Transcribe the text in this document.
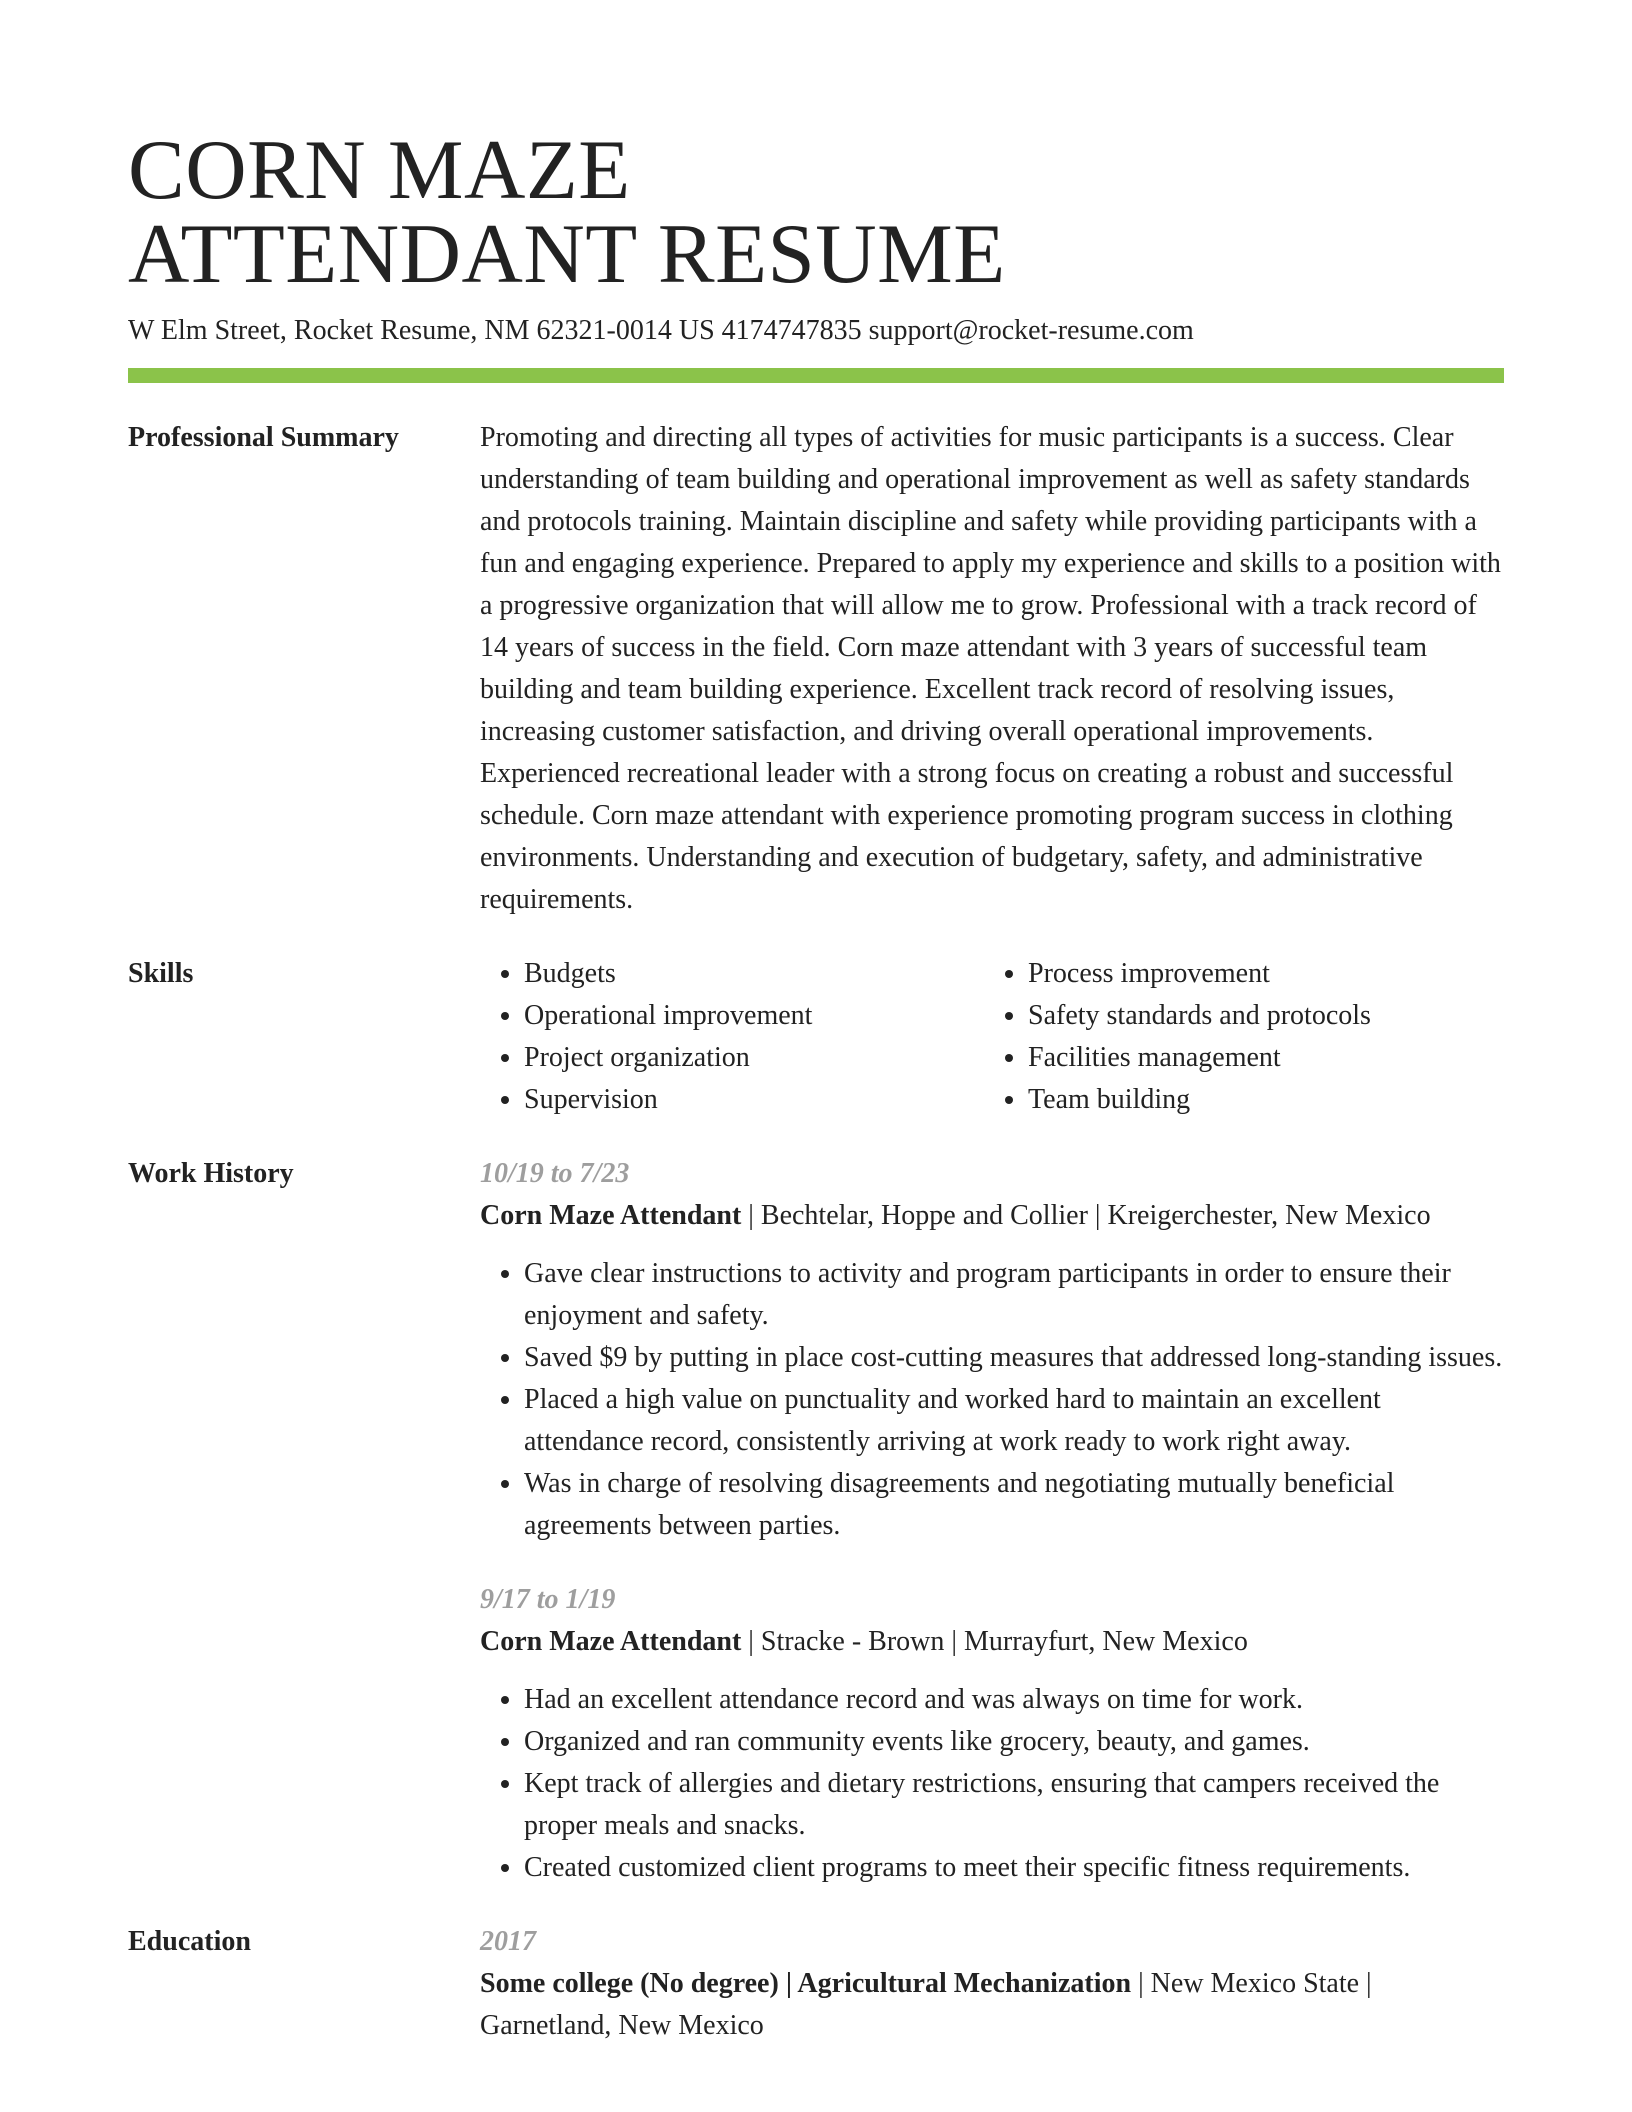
CORN MAZE
ATTENDANT RESUME
W Elm Street, Rocket Resume, NM 62321-0014 US 4174747835 support@rocket-resume.com
Professional Summary	Promoting and directing all types of activities for music participants is a success. Clear understanding of team building and operational improvement as well as safety standards and protocols training. Maintain discipline and safety while providing participants with a fun and engaging experience. Prepared to apply my experience and skills to a position with a progressive organization that will allow me to grow. Professional with a track record of 14 years of success in the field. Corn maze attendant with 3 years of successful team building and team building experience. Excellent track record of resolving issues, increasing customer satisfaction, and driving overall operational improvements. Experienced recreational leader with a strong focus on creating a robust and successful schedule. Corn maze attendant with experience promoting program success in clothing environments. Understanding and execution of budgetary, safety, and administrative requirements.

Skills
•	Budgets
• Operational improvement
• Project organization
• Supervision
• Process improvement
• Safety standards and protocols
• Facilities management
• Team building
Work History	10/19 to 7/23
Corn Maze Attendant | Bechtelar, Hoppe and Collier | Kreigerchester, New Mexico
• Gave clear instructions to activity and program participants in order to ensure their enjoyment and safety.
• Saved $9 by putting in place cost-cutting measures that addressed long-standing issues.
• Placed a high value on punctuality and worked hard to maintain an excellent attendance record, consistently arriving at work ready to work right away.
• Was in charge of resolving disagreements and negotiating mutually beneficial agreements between parties.
9/17 to 1/19
Corn Maze Attendant | Stracke - Brown | Murrayfurt, New Mexico
• Had an excellent attendance record and was always on time for work.
• Organized and ran community events like grocery, beauty, and games.
• Kept track of allergies and dietary restrictions, ensuring that campers received the proper meals and snacks.
• Created customized client programs to meet their specific fitness requirements.
Education	2017
Some college (No degree) | Agricultural Mechanization | New Mexico State | Garnetland, New Mexico
